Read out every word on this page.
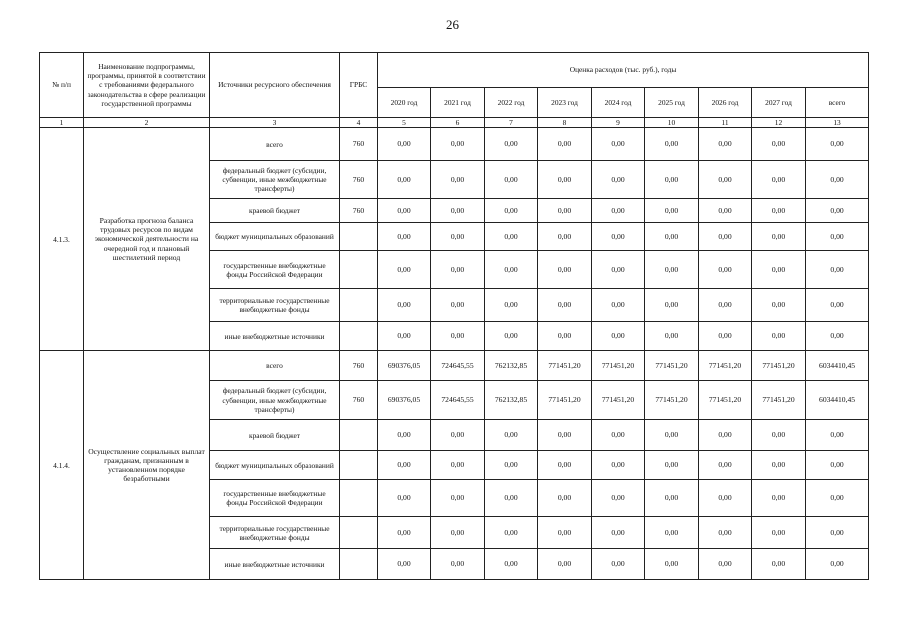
26
№ п/п	Наименование подпрограммы, программы, принятой в соответствии с требованиями федерального законодательства в сфере реализации государственной программы	Источники ресурсного обеспечения	ГРБС	Оценка расходов (тыс. руб.), годы								
				2020 год	2021 год	2022 год	2023 год	2024 год	2025 год	2026 год	2027 год	всего
1	2	3	4	5	6	7	8	9	10	11	12	13
4.1.3.	Разработка прогноза баланса трудовых ресурсов по видам экономической деятельности на очередной год и плановый шестилетний период	всего	760	0,00	0,00	0,00	0,00	0,00	0,00	0,00	0,00	0,00
		федеральный бюджет (субсидии, субвенции, иные межбюджетные трансферты)	760	0,00	0,00	0,00	0,00	0,00	0,00	0,00	0,00	0,00
		краевой бюджет	760	0,00	0,00	0,00	0,00	0,00	0,00	0,00	0,00	0,00
		бюджет муниципальных образований		0,00	0,00	0,00	0,00	0,00	0,00	0,00	0,00	0,00
		государственные внебюджетные фонды Российской Федерации		0,00	0,00	0,00	0,00	0,00	0,00	0,00	0,00	0,00
		территориальные государственные внебюджетные фонды		0,00	0,00	0,00	0,00	0,00	0,00	0,00	0,00	0,00
		иные внебюджетные источники		0,00	0,00	0,00	0,00	0,00	0,00	0,00	0,00	0,00
4.1.4.	Осуществление социальных выплат гражданам, признанным в установленном порядке безработными	всего	760	690376,05	724645,55	762132,85	771451,20	771451,20	771451,20	771451,20	771451,20	6034410,45
		федеральный бюджет (субсидии, субвенции, иные межбюджетные трансферты)	760	690376,05	724645,55	762132,85	771451,20	771451,20	771451,20	771451,20	771451,20	6034410,45
		краевой бюджет		0,00	0,00	0,00	0,00	0,00	0,00	0,00	0,00	0,00
		бюджет муниципальных образований		0,00	0,00	0,00	0,00	0,00	0,00	0,00	0,00	0,00
		государственные внебюджетные фонды Российской Федерации		0,00	0,00	0,00	0,00	0,00	0,00	0,00	0,00	0,00
		территориальные государственные внебюджетные фонды		0,00	0,00	0,00	0,00	0,00	0,00	0,00	0,00	0,00
		иные внебюджетные источники		0,00	0,00	0,00	0,00	0,00	0,00	0,00	0,00	0,00
